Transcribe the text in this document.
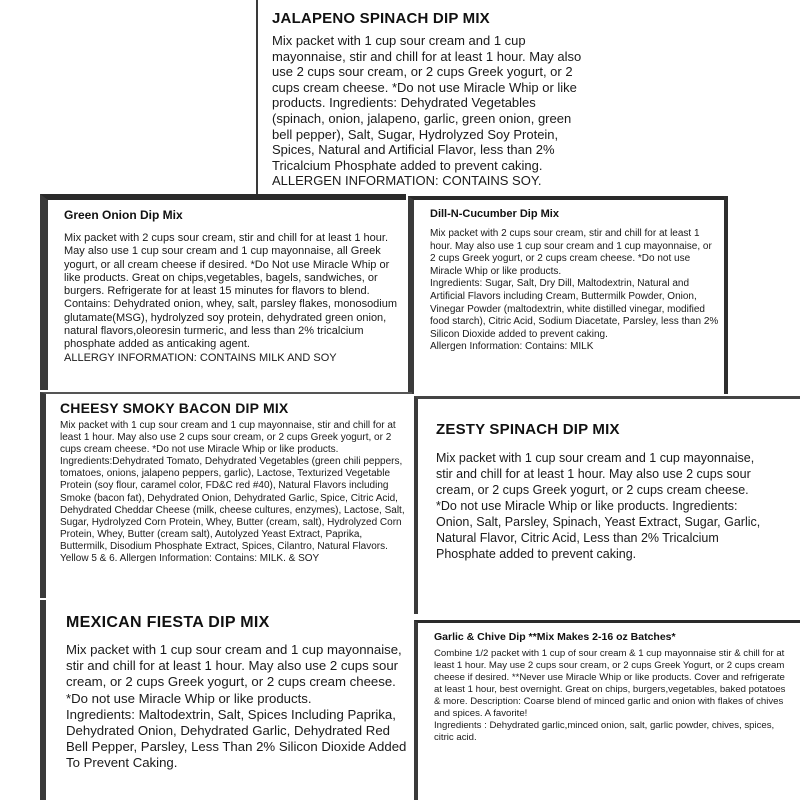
JALAPENO SPINACH DIP MIX
Mix packet with 1 cup sour cream and 1 cup mayonnaise, stir and chill for at least 1 hour. May also use 2 cups sour cream, or 2 cups Greek yogurt, or 2 cups cream cheese. *Do not use Miracle Whip or like products. Ingredients: Dehydrated Vegetables (spinach, onion, jalapeno, garlic, green onion, green bell pepper), Salt, Sugar, Hydrolyzed Soy Protein, Spices, Natural and Artificial Flavor, less than 2% Tricalcium Phosphate added to prevent caking.
ALLERGEN INFORMATION: CONTAINS SOY.
Green Onion Dip Mix
Mix packet with 2 cups sour cream, stir and chill for at least 1 hour. May also use 1 cup sour cream and 1 cup mayonnaise, all Greek yogurt, or all cream cheese if desired. *Do Not use Miracle Whip or like products. Great on chips,vegetables, bagels, sandwiches, or burgers. Refrigerate for at least 15 minutes for flavors to blend. Contains: Dehydrated onion, whey, salt, parsley flakes, monosodium glutamate(MSG), hydrolyzed soy protein, dehydrated green onion, natural flavors,oleoresin turmeric, and less than 2% tricalcium phosphate added as anticaking agent.
ALLERGY INFORMATION: CONTAINS MILK AND SOY
Dill-N-Cucumber Dip Mix
Mix packet with 2 cups sour cream, stir and chill for at least 1 hour. May also use 1 cup sour cream and 1 cup mayonnaise, or 2 cups Greek yogurt, or 2 cups cream cheese. *Do not use Miracle Whip or like products.
Ingredients: Sugar, Salt, Dry Dill, Maltodextrin, Natural and Artificial Flavors including Cream, Buttermilk Powder, Onion, Vinegar Powder (maltodextrin, white distilled vinegar, modified food starch), Citric Acid, Sodium Diacetate, Parsley, less than 2% Silicon Dioxide added to prevent caking.
Allergen Information: Contains: MILK
CHEESY SMOKY BACON DIP MIX
Mix packet with 1 cup sour cream and 1 cup mayonnaise, stir and chill for at least 1 hour. May also use 2 cups sour cream, or 2 cups Greek yogurt, or 2 cups cream cheese. *Do not use Miracle Whip or like products. Ingredients:Dehydrated Tomato, Dehydrated Vegetables (green chili peppers, tomatoes, onions, jalapeno peppers, garlic), Lactose, Texturized Vegetable Protein (soy flour, caramel color, FD&C red #40), Natural Flavors including Smoke (bacon fat), Dehydrated Onion, Dehydrated Garlic, Spice, Citric Acid, Dehydrated Cheddar Cheese (milk, cheese cultures, enzymes), Lactose, Salt, Sugar, Hydrolyzed Corn Protein, Whey, Butter (cream, salt), Hydrolyzed Corn Protein, Whey, Butter (cream salt), Autolyzed Yeast Extract, Paprika, Buttermilk, Disodium Phosphate Extract, Spices, Cilantro, Natural Flavors. Yellow 5 & 6. Allergen Information: Contains: MILK. & SOY
ZESTY SPINACH DIP MIX
Mix packet with 1 cup sour cream and 1 cup mayonnaise, stir and chill for at least 1 hour. May also use 2 cups sour cream, or 2 cups Greek yogurt, or 2 cups cream cheese. *Do not use Miracle Whip or like products. Ingredients: Onion, Salt, Parsley, Spinach, Yeast Extract, Sugar, Garlic, Natural Flavor, Citric Acid, Less than 2% Tricalcium Phosphate added to prevent caking.
MEXICAN FIESTA DIP MIX
Mix packet with 1 cup sour cream and 1 cup mayonnaise, stir and chill for at least 1 hour. May also use 2 cups sour cream, or 2 cups Greek yogurt, or 2 cups cream cheese. *Do not use Miracle Whip or like products.
Ingredients: Maltodextrin, Salt, Spices Including Paprika, Dehydrated Onion, Dehydrated Garlic, Dehydrated Red Bell Pepper, Parsley, Less Than 2% Silicon Dioxide Added To Prevent Caking.
Garlic & Chive Dip **Mix Makes 2-16 oz Batches*
Combine 1/2 packet with 1 cup of sour cream & 1 cup mayonnaise stir & chill for at least 1 hour. May use 2 cups sour cream, or 2 cups Greek Yogurt, or 2 cups cream cheese if desired. **Never use Miracle Whip or like products. Cover and refrigerate at least 1 hour, best overnight. Great on chips, burgers,vegetables, baked potatoes & more. Description: Coarse blend of minced garlic and onion with flakes of chives and spices. A favorite!
Ingredients : Dehydrated garlic,minced onion, salt, garlic powder, chives, spices, citric acid.
